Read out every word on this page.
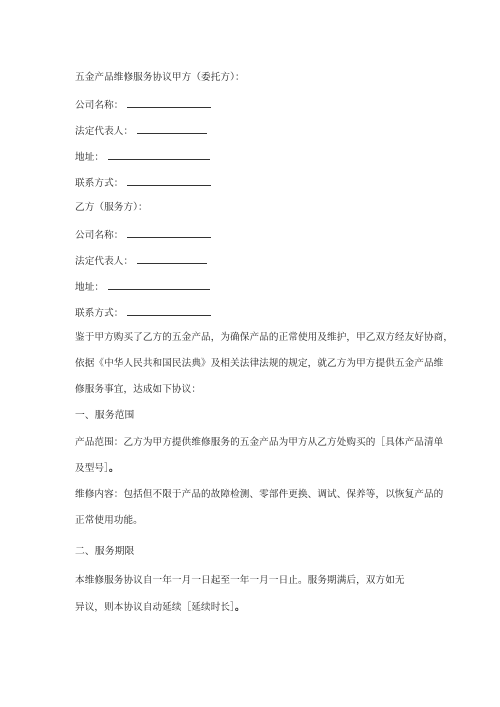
五金产品维修服务协议甲方（委托方）：
公司名称：
法定代表人：
地址：
联系方式：
乙方（服务方）：
公司名称：
法定代表人：
地址：
联系方式：
鉴于甲方购买了乙方的五金产品，为确保产品的正常使用及维护，甲乙双方经友好协商，
依据《中华人民共和国民法典》及相关法律法规的规定，就乙方为甲方提供五金产品维
修服务事宜，达成如下协议：
一、服务范围
产品范围：乙方为甲方提供维修服务的五金产品为甲方从乙方处购买的［具体产品清单
及型号］。
维修内容：包括但不限于产品的故障检测、零部件更换、调试、保养等，以恢复产品的
正常使用功能。
二、服务期限
本维修服务协议自一年一月一日起至一年一月一日止。服务期满后，双方如无
异议，则本协议自动延续［延续时长］。
